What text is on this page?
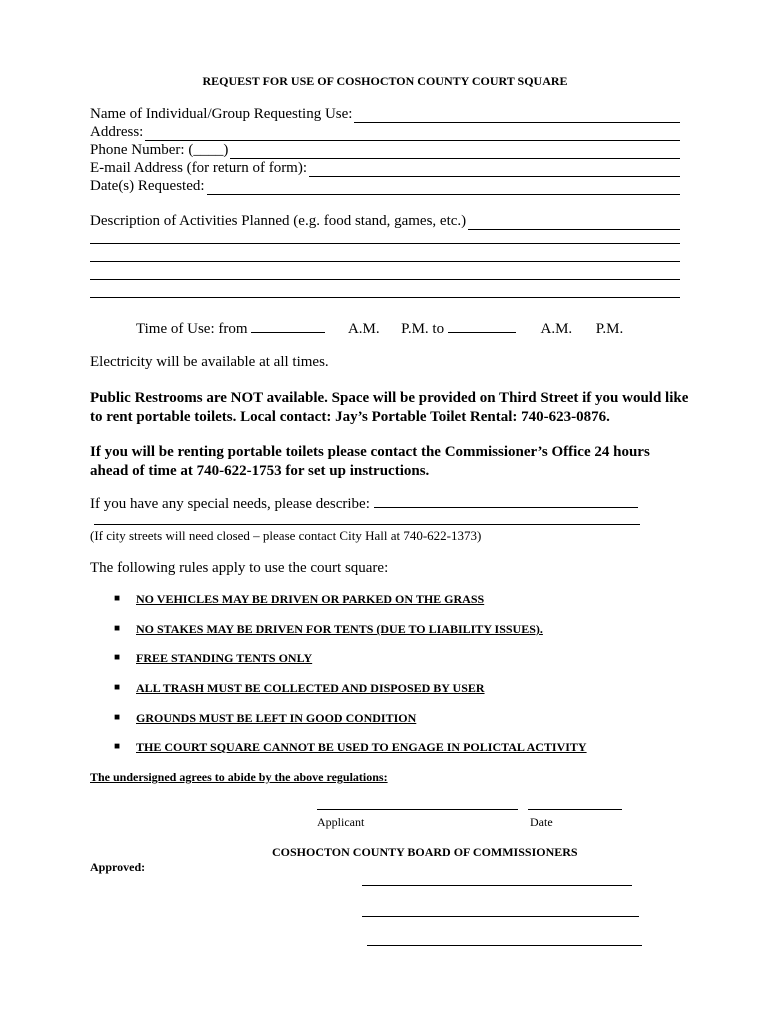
REQUEST FOR USE OF COSHOCTON COUNTY COURT SQUARE
Name of Individual/Group Requesting Use:
Address:
Phone Number: (____)
E-mail Address (for return of form):
Date(s) Requested:
Description of Activities Planned (e.g. food stand, games, etc.)
Time of Use: from	A.M. P.M. to	A.M. P.M.
Electricity will be available at all times.
Public Restrooms are NOT available. Space will be provided on Third Street if you would like to rent portable toilets. Local contact: Jay’s Portable Toilet Rental: 740-623-0876.
If you will be renting portable toilets please contact the Commissioner’s Office 24 hours ahead of time at 740-622-1753 for set up instructions.
If you have any special needs, please describe:
(If city streets will need closed – please contact City Hall at 740-622-1373)
The following rules apply to use the court square:
■ NO VEHICLES MAY BE DRIVEN OR PARKED ON THE GRASS
■ NO STAKES MAY BE DRIVEN FOR TENTS (DUE TO LIABILITY ISSUES).
■ FREE STANDING TENTS ONLY
■ ALL TRASH MUST BE COLLECTED AND DISPOSED BY USER
■ GROUNDS MUST BE LEFT IN GOOD CONDITION
■ THE COURT SQUARE CANNOT BE USED TO ENGAGE IN POLICTAL ACTIVITY
The undersigned agrees to abide by the above regulations:
Applicant	Date
COSHOCTON COUNTY BOARD OF COMMISSIONERS
Approved:
